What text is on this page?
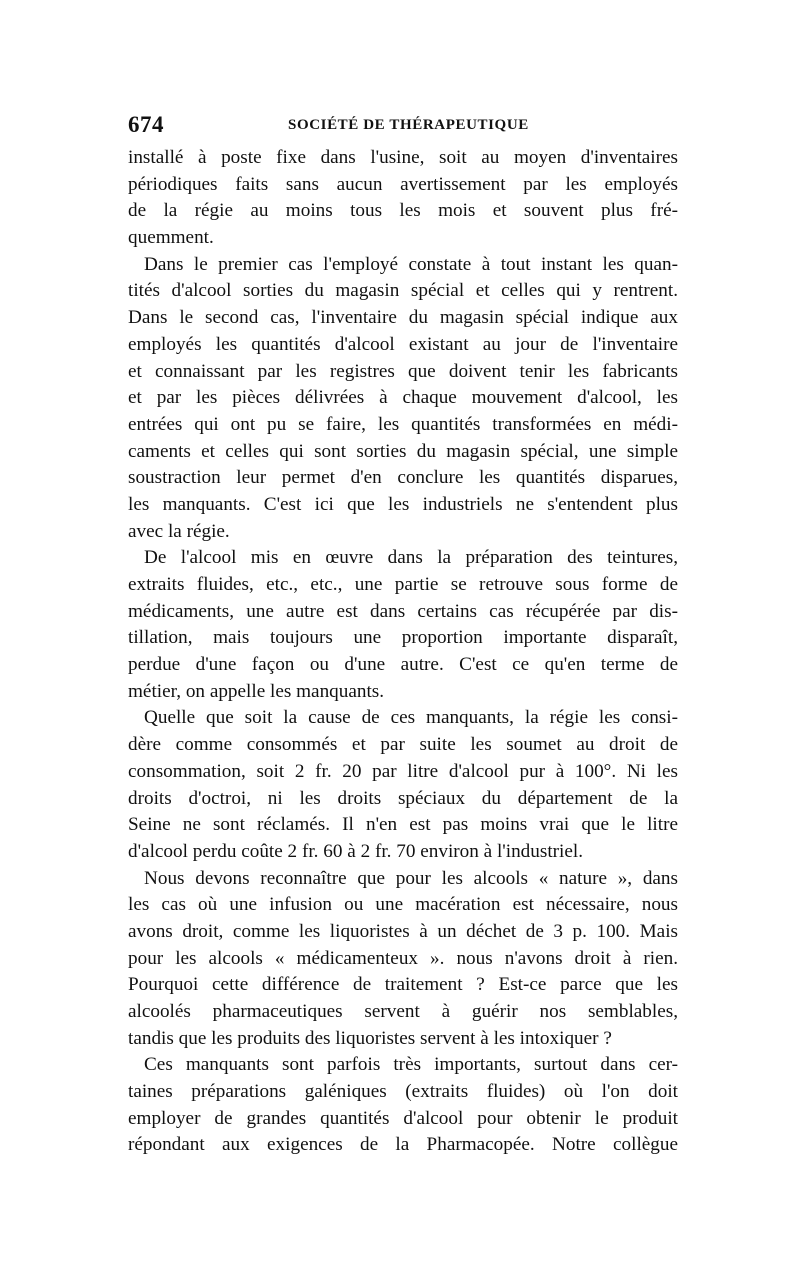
674	SOCIÉTÉ DE THÉRAPEUTIQUE
installé à poste fixe dans l'usine, soit au moyen d'inventaires
périodiques faits sans aucun avertissement par les employés
de la régie au moins tous les mois et souvent plus fré-
quemment.
Dans le premier cas l'employé constate à tout instant les quan-
tités d'alcool sorties du magasin spécial et celles qui y rentrent.
Dans le second cas, l'inventaire du magasin spécial indique aux
employés les quantités d'alcool existant au jour de l'inventaire
et connaissant par les registres que doivent tenir les fabricants
et par les pièces délivrées à chaque mouvement d'alcool, les
entrées qui ont pu se faire, les quantités transformées en médi-
caments et celles qui sont sorties du magasin spécial, une simple
soustraction leur permet d'en conclure les quantités disparues,
les manquants. C'est ici que les industriels ne s'entendent plus
avec la régie.
De l'alcool mis en œuvre dans la préparation des teintures,
extraits fluides, etc., etc., une partie se retrouve sous forme de
médicaments, une autre est dans certains cas récupérée par dis-
tillation, mais toujours une proportion importante disparaît,
perdue d'une façon ou d'une autre. C'est ce qu'en terme de
métier, on appelle les manquants.
Quelle que soit la cause de ces manquants, la régie les consi-
dère comme consommés et par suite les soumet au droit de
consommation, soit 2 fr. 20 par litre d'alcool pur à 100°. Ni les
droits d'octroi, ni les droits spéciaux du département de la
Seine ne sont réclamés. Il n'en est pas moins vrai que le litre
d'alcool perdu coûte 2 fr. 60 à 2 fr. 70 environ à l'industriel.
Nous devons reconnaître que pour les alcools « nature », dans
les cas où une infusion ou une macération est nécessaire, nous
avons droit, comme les liquoristes à un déchet de 3 p. 100. Mais
pour les alcools « médicamenteux ». nous n'avons droit à rien.
Pourquoi cette différence de traitement ? Est-ce parce que les
alcoolés pharmaceutiques servent à guérir nos semblables,
tandis que les produits des liquoristes servent à les intoxiquer ?
Ces manquants sont parfois très importants, surtout dans cer-
taines préparations galéniques (extraits fluides) où l'on doit
employer de grandes quantités d'alcool pour obtenir le produit
répondant aux exigences de la Pharmacopée. Notre collègue
